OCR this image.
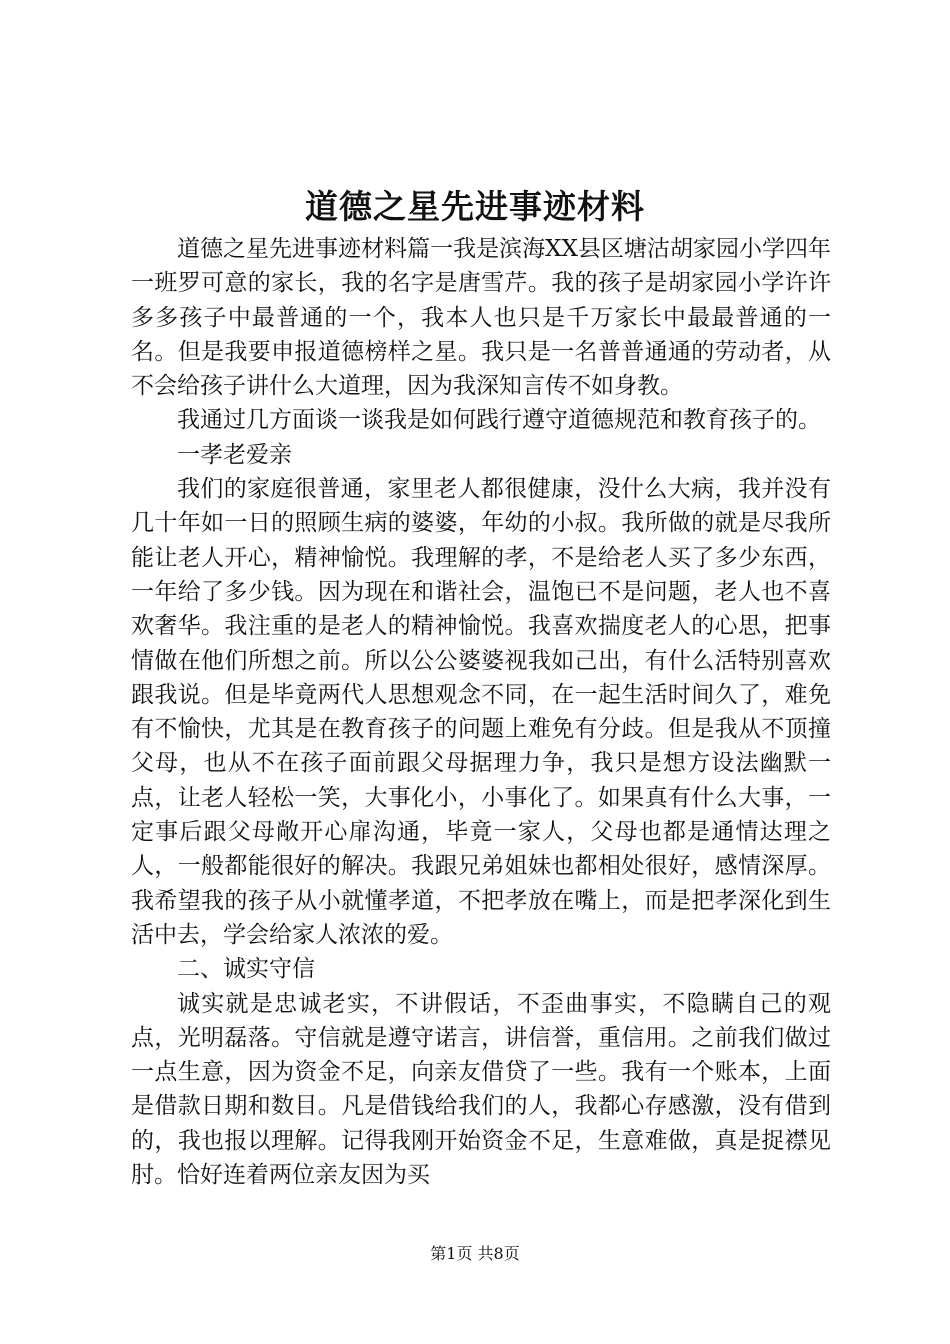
道德之星先进事迹材料

道德之星先进事迹材料篇一我是滨海XX县区塘沽胡家园小学四年一班罗可意的家长，我的名字是唐雪芹。我的孩子是胡家园小学许许多多孩子中最普通的一个，我本人也只是千万家长中最最普通的一名。但是我要申报道德榜样之星。我只是一名普普通通的劳动者，从不会给孩子讲什么大道理，因为我深知言传不如身教。

我通过几方面谈一谈我是如何践行遵守道德规范和教育孩子的。

一孝老爱亲

我们的家庭很普通，家里老人都很健康，没什么大病，我并没有几十年如一日的照顾生病的婆婆，年幼的小叔。我所做的就是尽我所能让老人开心，精神愉悦。我理解的孝，不是给老人买了多少东西，一年给了多少钱。因为现在和谐社会，温饱已不是问题，老人也不喜欢奢华。我注重的是老人的精神愉悦。我喜欢揣度老人的心思，把事情做在他们所想之前。所以公公婆婆视我如己出，有什么活特别喜欢跟我说。但是毕竟两代人思想观念不同，在一起生活时间久了，难免有不愉快，尤其是在教育孩子的问题上难免有分歧。但是我从不顶撞父母，也从不在孩子面前跟父母据理力争，我只是想方设法幽默一点，让老人轻松一笑，大事化小，小事化了。如果真有什么大事，一定事后跟父母敞开心扉沟通，毕竟一家人，父母也都是通情达理之人，一般都能很好的解决。我跟兄弟姐妹也都相处很好，感情深厚。我希望我的孩子从小就懂孝道，不把孝放在嘴上，而是把孝深化到生活中去，学会给家人浓浓的爱。

二、诚实守信

诚实就是忠诚老实，不讲假话，不歪曲事实，不隐瞒自己的观点，光明磊落。守信就是遵守诺言，讲信誉，重信用。之前我们做过一点生意，因为资金不足，向亲友借贷了一些。我有一个账本，上面是借款日期和数目。凡是借钱给我们的人，我都心存感激，没有借到的，我也报以理解。记得我刚开始资金不足，生意难做，真是捉襟见肘。恰好连着两位亲友因为买

第1页 共8页
